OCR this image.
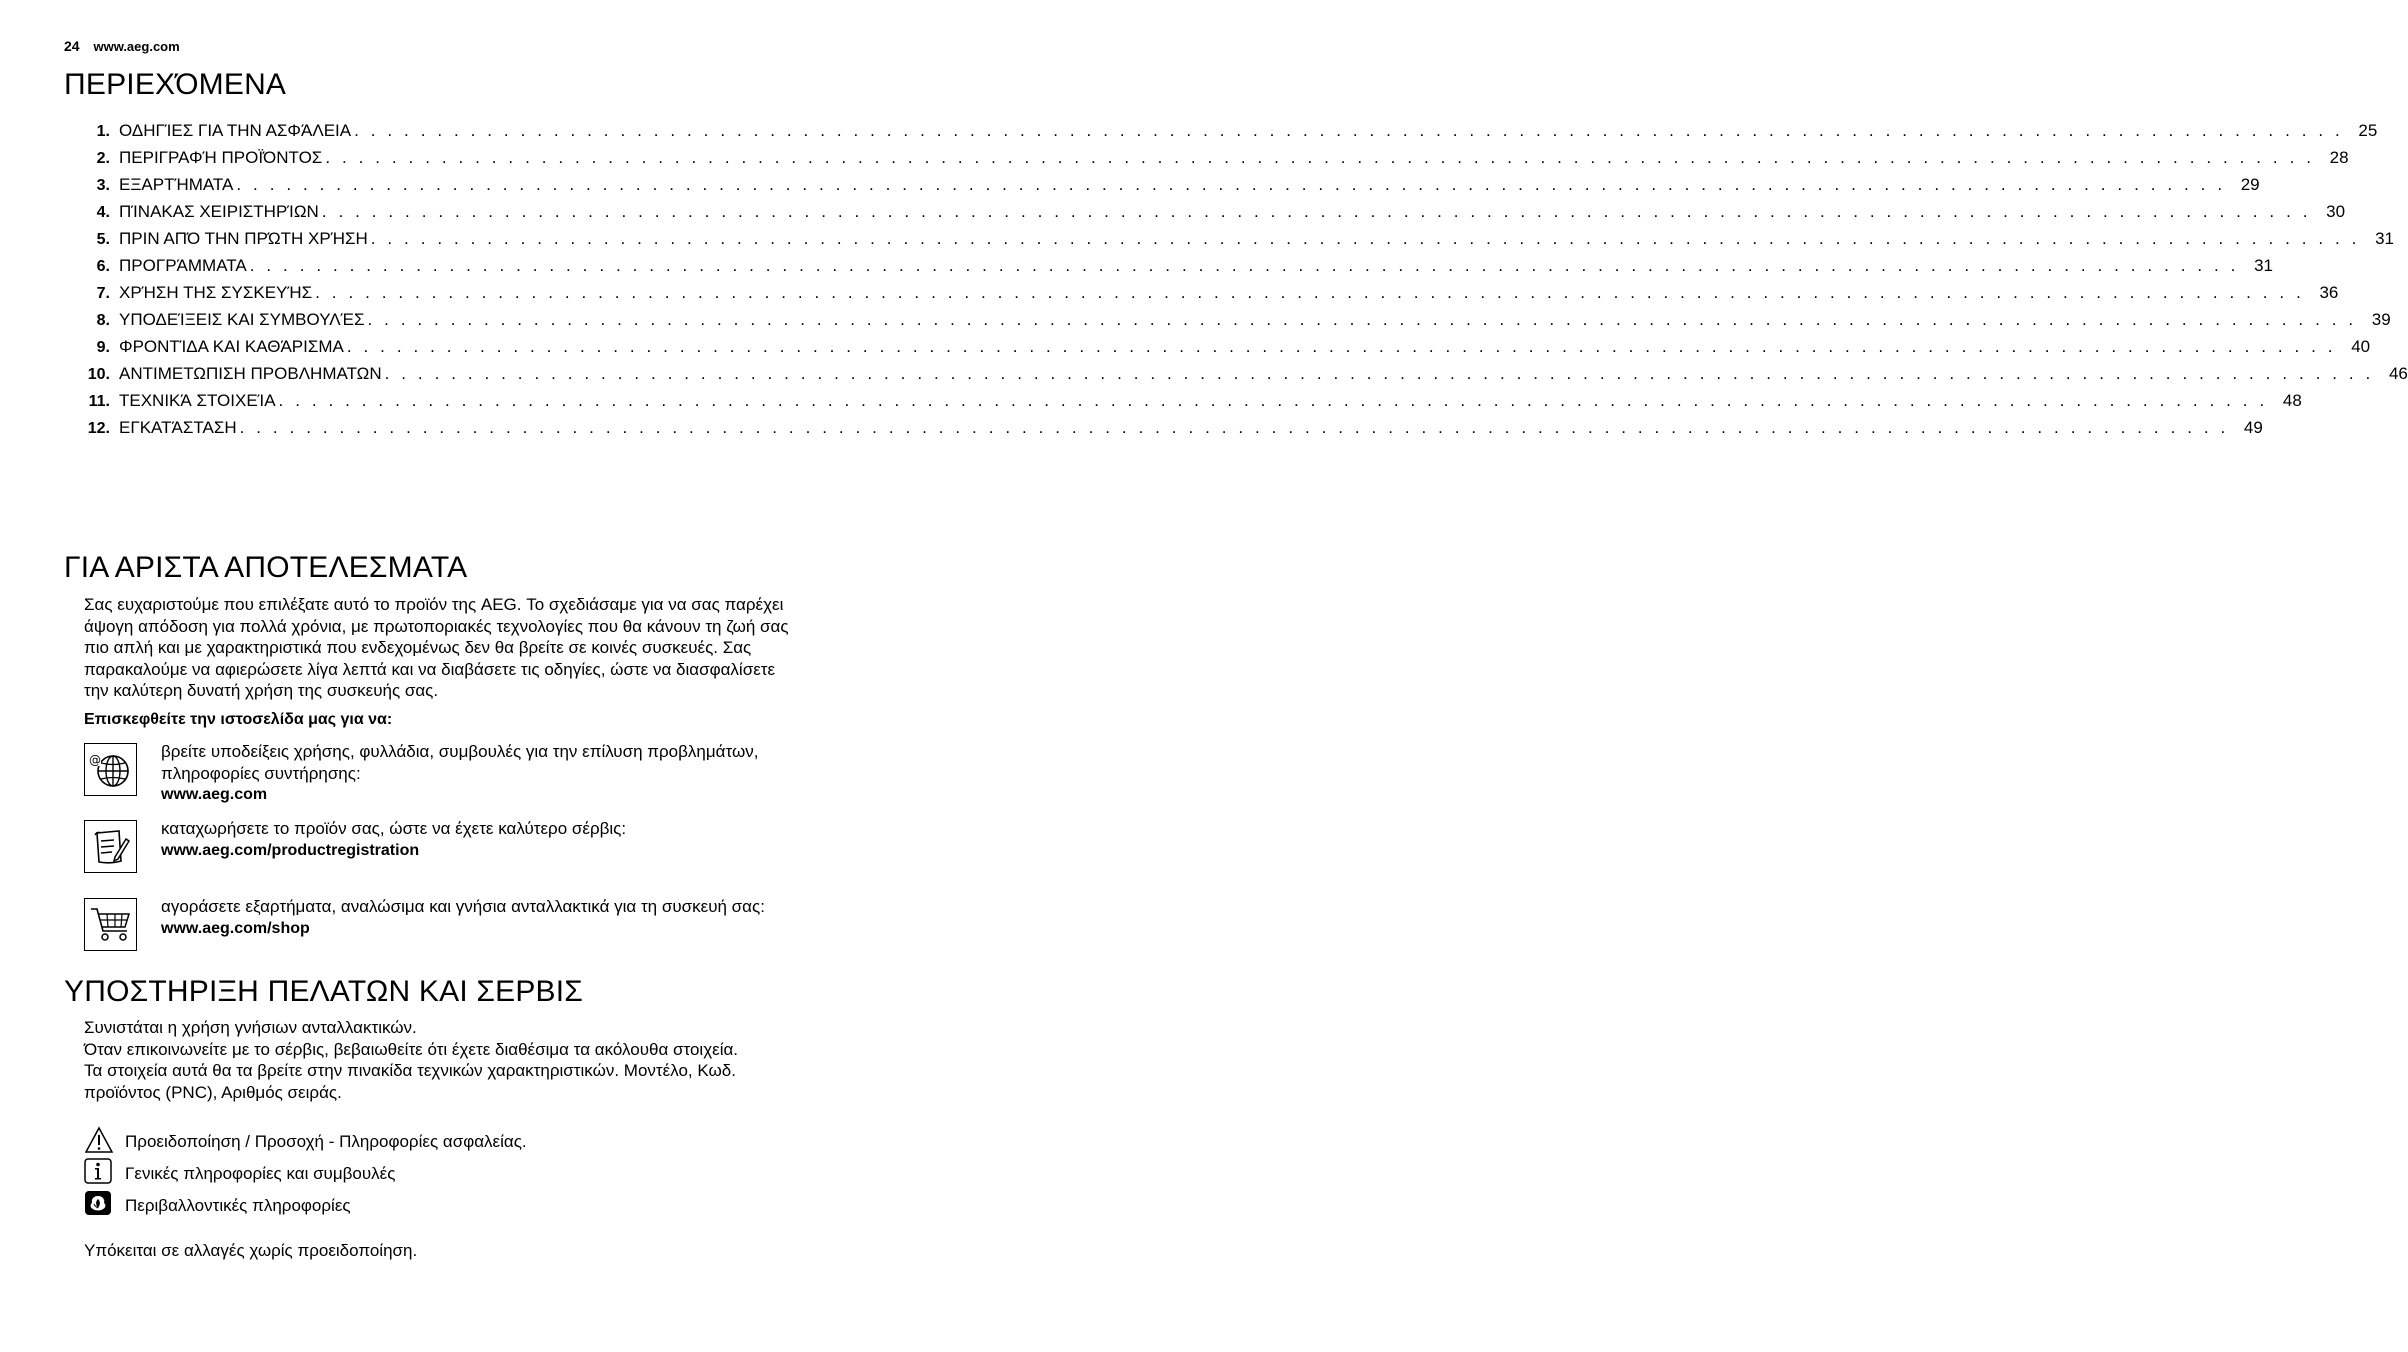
24 www.aeg.com
ΠΕΡΙΕΧΌΜΕΝΑ
1. ΟΔΗΓΊΕΣ ΓΙΑ ΤΗΝ ΑΣΦΆΛΕΙΑ . . . . . . . . . . . . . . . . . . . . . . . . . . . . . . . . . . . . . . . . . . . . . . . . . . . . . . . . . . . . . . . . . . . . . . . . . . . . . . . . . . . . . . . . . . . . . . . . . . . . . . . . . . . . . . . . . . . . . . . . 25
2. ΠΕΡΙΓΡΑΦΉ ΠΡΟΪΌΝΤΟΣ . . . . . . . . . . . . . . . . . . . . . . . . . . . . . . . . . . . . . . . . . . . . . . . . . . . . . . . . . . . . . . . . . . . . . . . . . . . . . . . . . . . . . . . . . . . . . . . . . . . . . . . . . . . . . . . . . . . . . . . . 28
3. ΕΞΑΡΤΉΜΑΤΑ . . . . . . . . . . . . . . . . . . . . . . . . . . . . . . . . . . . . . . . . . . . . . . . . . . . . . . . . . . . . . . . . . . . . . . . . . . . . . . . . . . . . . . . . . . . . . . . . . . . . . . . . . . . . . . . . . . . . . . . . 29
4. ΠΊΝΑΚΑΣ ΧΕΙΡΙΣΤΗΡΊΩΝ . . . . . . . . . . . . . . . . . . . . . . . . . . . . . . . . . . . . . . . . . . . . . . . . . . . . . . . . . . . . . . . . . . . . . . . . . . . . . . . . . . . . . . . . . . . . . . . . . . . . . . . . . . . . . . . . . . . . . . . . 30
5. ΠΡΙΝ ΑΠΌ ΤΗΝ ΠΡΏΤΗ ΧΡΉΣΗ . . . . . . . . . . . . . . . . . . . . . . . . . . . . . . . . . . . . . . . . . . . . . . . . . . . . . . . . . . . . . . . . . . . . . . . . . . . . . . . . . . . . . . . . . . . . . . . . . . . . . . . . . . . . . . . . . . . . . . . . 31
6. ΠΡΟΓΡΆΜΜΑΤΑ . . . . . . . . . . . . . . . . . . . . . . . . . . . . . . . . . . . . . . . . . . . . . . . . . . . . . . . . . . . . . . . . . . . . . . . . . . . . . . . . . . . . . . . . . . . . . . . . . . . . . . . . . . . . . . . . . . . . . . . . 31
7. ΧΡΉΣΗ ΤΗΣ ΣΥΣΚΕΥΉΣ . . . . . . . . . . . . . . . . . . . . . . . . . . . . . . . . . . . . . . . . . . . . . . . . . . . . . . . . . . . . . . . . . . . . . . . . . . . . . . . . . . . . . . . . . . . . . . . . . . . . . . . . . . . . . . . . . . . . . . . . 36
8. ΥΠΟΔΕΊΞΕΙΣ ΚΑΙ ΣΥΜΒΟΥΛΈΣ . . . . . . . . . . . . . . . . . . . . . . . . . . . . . . . . . . . . . . . . . . . . . . . . . . . . . . . . . . . . . . . . . . . . . . . . . . . . . . . . . . . . . . . . . . . . . . . . . . . . . . . . . . . . . . . . . . . . . . . . 39
9. ΦΡΟΝΤΊΔΑ ΚΑΙ ΚΑΘΆΡΙΣΜΑ . . . . . . . . . . . . . . . . . . . . . . . . . . . . . . . . . . . . . . . . . . . . . . . . . . . . . . . . . . . . . . . . . . . . . . . . . . . . . . . . . . . . . . . . . . . . . . . . . . . . . . . . . . . . . . . . . . . . . . . . 40
10. ΑΝΤΙΜΕΤΩΠΙΣΗ ΠΡΟΒΛΗΜΑΤΩΝ . . . . . . . . . . . . . . . . . . . . . . . . . . . . . . . . . . . . . . . . . . . . . . . . . . . . . . . . . . . . . . . . . . . . . . . . . . . . . . . . . . . . . . . . . . . . . . . . . . . . . . . . . . . . . . . . . . . . . . . . 46
11. ΤΕΧΝΙΚΆ ΣΤΟΙΧΕΊΑ . . . . . . . . . . . . . . . . . . . . . . . . . . . . . . . . . . . . . . . . . . . . . . . . . . . . . . . . . . . . . . . . . . . . . . . . . . . . . . . . . . . . . . . . . . . . . . . . . . . . . . . . . . . . . . . . . . . . . . . . 48
12. ΕΓΚΑΤΆΣΤΑΣΗ . . . . . . . . . . . . . . . . . . . . . . . . . . . . . . . . . . . . . . . . . . . . . . . . . . . . . . . . . . . . . . . . . . . . . . . . . . . . . . . . . . . . . . . . . . . . . . . . . . . . . . . . . . . . . . . . . . . . . . . . 49
ΓΙΑ ΑΡΙΣΤΑ ΑΠΟΤΕΛΕΣΜΑΤΑ
Σας ευχαριστούμε που επιλέξατε αυτό το προϊόν της AEG. Το σχεδιάσαμε για να σας παρέχει
άψογη απόδοση για πολλά χρόνια, με πρωτοποριακές τεχνολογίες που θα κάνουν τη ζωή σας
πιο απλή και με χαρακτηριστικά που ενδεχομένως δεν θα βρείτε σε κοινές συσκευές. Σας
παρακαλούμε να αφιερώσετε λίγα λεπτά και να διαβάσετε τις οδηγίες, ώστε να διασφαλίσετε
την καλύτερη δυνατή χρήση της συσκευής σας.
Επισκεφθείτε την ιστοσελίδα μας για να:
@	βρείτε υποδείξεις χρήσης, φυλλάδια, συμβουλές για την επίλυση προβλημάτων,
πληροφορίες συντήρησης:
www.aeg.com
καταχωρήσετε το προϊόν σας, ώστε να έχετε καλύτερο σέρβις:
www.aeg.com/productregistration
αγοράσετε εξαρτήματα, αναλώσιμα και γνήσια ανταλλακτικά για τη συσκευή σας:
www.aeg.com/shop
ΥΠΟΣΤΗΡΙΞΗ ΠΕΛΑΤΩΝ ΚΑΙ ΣΕΡΒΙΣ
Συνιστάται η χρήση γνήσιων ανταλλακτικών.
Όταν επικοινωνείτε με το σέρβις, βεβαιωθείτε ότι έχετε διαθέσιμα τα ακόλουθα στοιχεία.
Τα στοιχεία αυτά θα τα βρείτε στην πινακίδα τεχνικών χαρακτηριστικών. Μοντέλο, Κωδ.
προϊόντος (PNC), Αριθμός σειράς.
Προειδοποίηση / Προσοχή - Πληροφορίες ασφαλείας.
Γενικές πληροφορίες και συμβουλές
Περιβαλλοντικές πληροφορίες
Υπόκειται σε αλλαγές χωρίς προειδοποίηση.
